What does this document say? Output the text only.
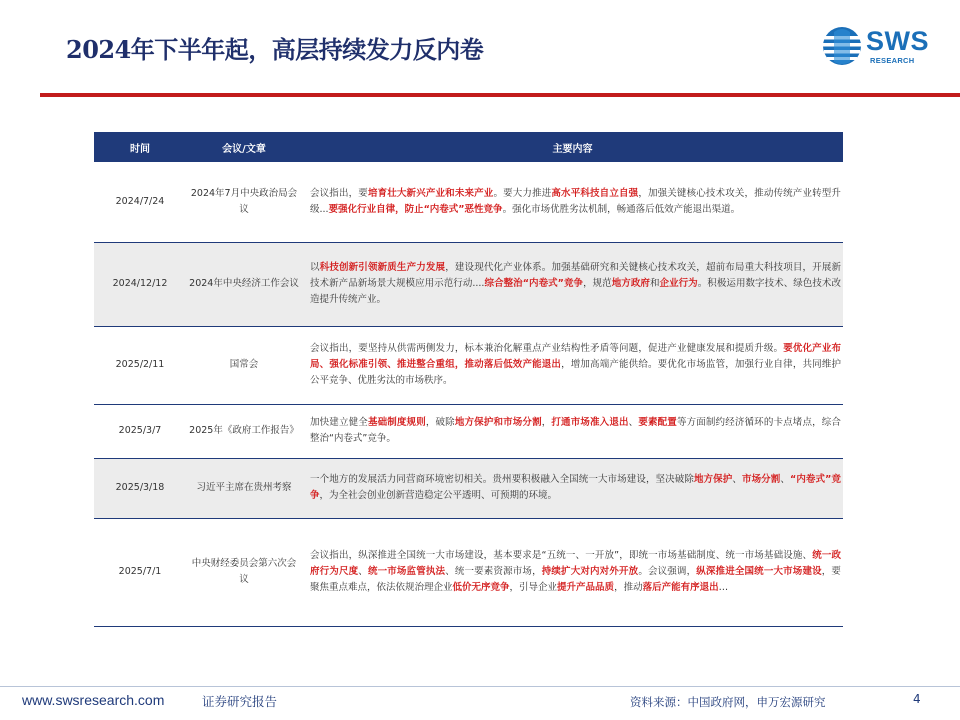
2024年下半年起，高层持续发力反内卷	SWS
RESEARCH
时间	会议/文章	主要内容
2024/7/24	2024年7月中央政治局会议	会议指出，要培育壮大新兴产业和未来产业。要大力推进高水平科技自立自强，加强关键核心技术攻关，推动传统产业转型升级...要强化行业自律，防止“内卷式”恶性竞争。强化市场优胜劣汰机制，畅通落后低效产能退出渠道。
2024/12/12	2024年中央经济工作会议	以科技创新引领新质生产力发展，建设现代化产业体系。加强基础研究和关键核心技术攻关，超前布局重大科技项目，开展新技术新产品新场景大规模应用示范行动....综合整治“内卷式”竞争，规范地方政府和企业行为。积极运用数字技术、绿色技术改造提升传统产业。
2025/2/11	国常会	会议指出，要坚持从供需两侧发力，标本兼治化解重点产业结构性矛盾等问题，促进产业健康发展和提质升级。要优化产业布局、强化标准引领、推进整合重组，推动落后低效产能退出，增加高端产能供给。要优化市场监管，加强行业自律，共同维护公平竞争、优胜劣汰的市场秩序。
2025/3/7	2025年《政府工作报告》	加快建立健全基础制度规则，破除地方保护和市场分割，打通市场准入退出、要素配置等方面制约经济循环的卡点堵点，综合整治“内卷式”竞争。
2025/3/18	习近平主席在贵州考察	一个地方的发展活力同营商环境密切相关。贵州要积极融入全国统一大市场建设，坚决破除地方保护、市场分割、“内卷式”竞争，为全社会创业创新营造稳定公平透明、可预期的环境。
2025/7/1	中央财经委员会第六次会议	会议指出，纵深推进全国统一大市场建设，基本要求是“五统一、一开放”，即统一市场基础制度、统一市场基础设施、统一政府行为尺度、统一市场监管执法、统一要素资源市场，持续扩大对内对外开放。会议强调，纵深推进全国统一大市场建设，要聚焦重点难点，依法依规治理企业低价无序竞争，引导企业提升产品品质，推动落后产能有序退出…
www.swsresearch.com	证券研究报告	资料来源：中国政府网，申万宏源研究	4
